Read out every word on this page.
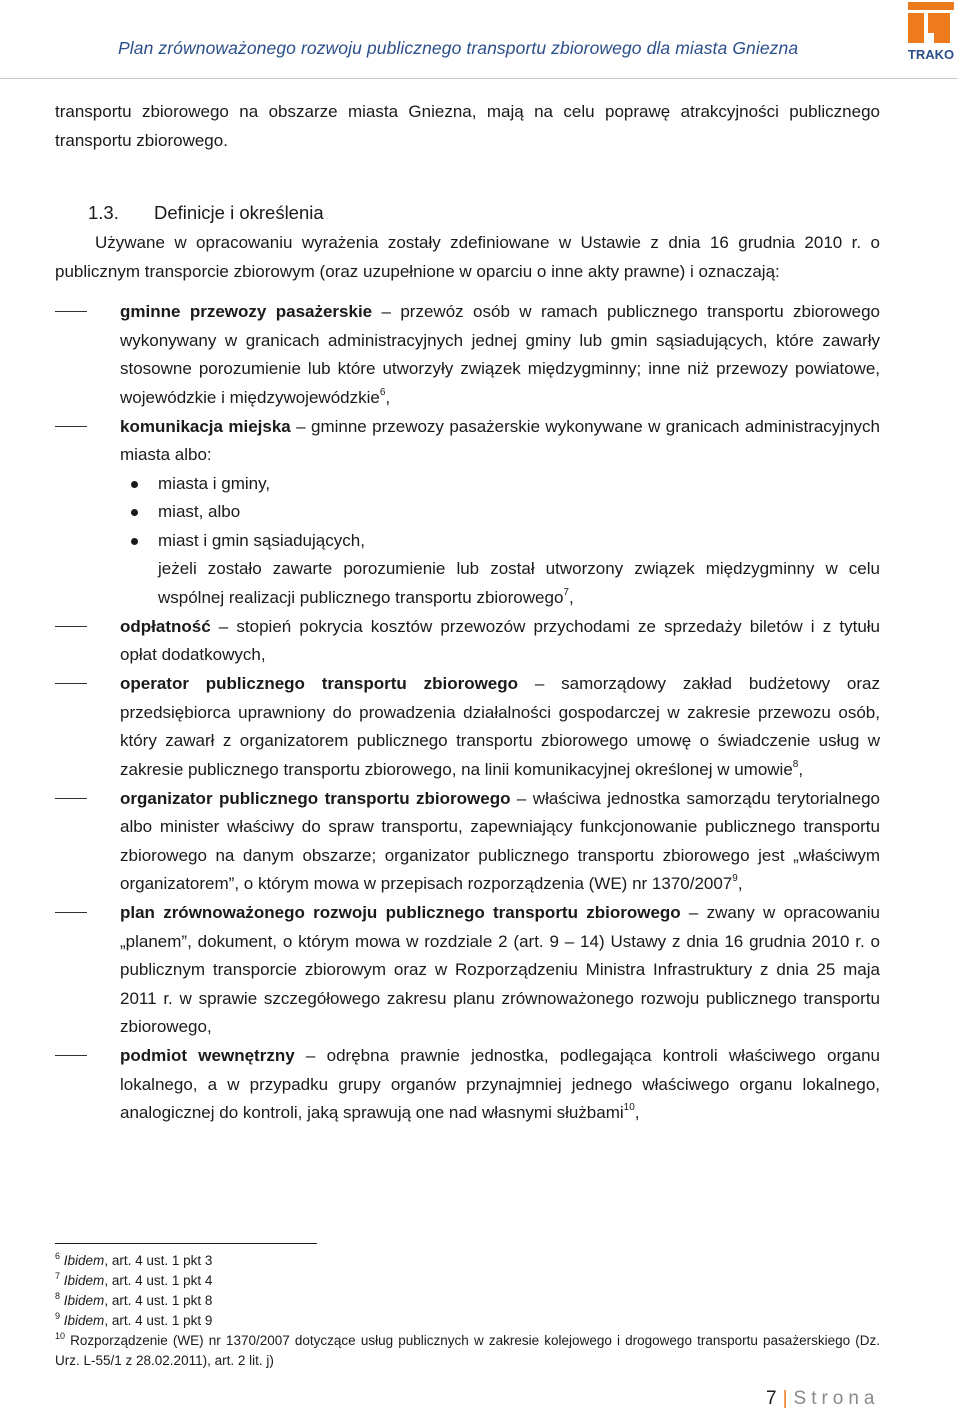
Plan zrównoważonego rozwoju publicznego transportu zbiorowego dla miasta Gniezna	TRAKO

transportu zbiorowego na obszarze miasta Gniezna, mają na celu poprawę atrakcyjności publicznego transportu zbiorowego.

1.3. Definicje i określenia

Używane w opracowaniu wyrażenia zostały zdefiniowane w Ustawie z dnia 16 grudnia 2010 r. o publicznym transporcie zbiorowym (oraz uzupełnione w oparciu o inne akty prawne) i oznaczają:

gminne przewozy pasażerskie – przewóz osób w ramach publicznego transportu zbiorowego wykonywany w granicach administracyjnych jednej gminy lub gmin sąsiadujących, które zawarły stosowne porozumienie lub które utworzyły związek międzygminny; inne niż przewozy powiatowe, wojewódzkie i międzywojewódzkie$^6$,
komunikacja miejska – gminne przewozy pasażerskie wykonywane w granicach administracyjnych miasta albo:
miasta i gminy,
miast, albo
miast i gmin sąsiadujących,
jeżeli zostało zawarte porozumienie lub został utworzony związek międzygminny w celu wspólnej realizacji publicznego transportu zbiorowego$^7$,
odpłatność – stopień pokrycia kosztów przewozów przychodami ze sprzedaży biletów i z tytułu opłat dodatkowych,
operator publicznego transportu zbiorowego – samorządowy zakład budżetowy oraz przedsiębiorca uprawniony do prowadzenia działalności gospodarczej w zakresie przewozu osób, który zawarł z organizatorem publicznego transportu zbiorowego umowę o świadczenie usług w zakresie publicznego transportu zbiorowego, na linii komunikacyjnej określonej w umowie$^8$,
organizator publicznego transportu zbiorowego – właściwa jednostka samorządu terytorialnego albo minister właściwy do spraw transportu, zapewniający funkcjonowanie publicznego transportu zbiorowego na danym obszarze; organizator publicznego transportu zbiorowego jest „właściwym organizatorem”, o którym mowa w przepisach rozporządzenia (WE) nr 1370/2007$^9$,
plan zrównoważonego rozwoju publicznego transportu zbiorowego – zwany w opracowaniu „planem”, dokument, o którym mowa w rozdziale 2 (art. 9 – 14) Ustawy z dnia 16 grudnia 2010 r. o publicznym transporcie zbiorowym oraz w Rozporządzeniu Ministra Infrastruktury z dnia 25 maja 2011 r. w sprawie szczegółowego zakresu planu zrównoważonego rozwoju publicznego transportu zbiorowego,
podmiot wewnętrzny – odrębna prawnie jednostka, podlegająca kontroli właściwego organu lokalnego, a w przypadku grupy organów przynajmniej jednego właściwego organu lokalnego, analogicznej do kontroli, jaką sprawują one nad własnymi służbami$^{10}$,

$^6$ Ibidem, art. 4 ust. 1 pkt 3

$^7$ Ibidem, art. 4 ust. 1 pkt 4

$^8$ Ibidem, art. 4 ust. 1 pkt 8

$^9$ Ibidem, art. 4 ust. 1 pkt 9

$^{10}$ Rozporządzenie (WE) nr 1370/2007 dotyczące usług publicznych w zakresie kolejowego i drogowego transportu pasażerskiego (Dz. Urz. L-55/1 z 28.02.2011), art. 2 lit. j)

7 | Strona
